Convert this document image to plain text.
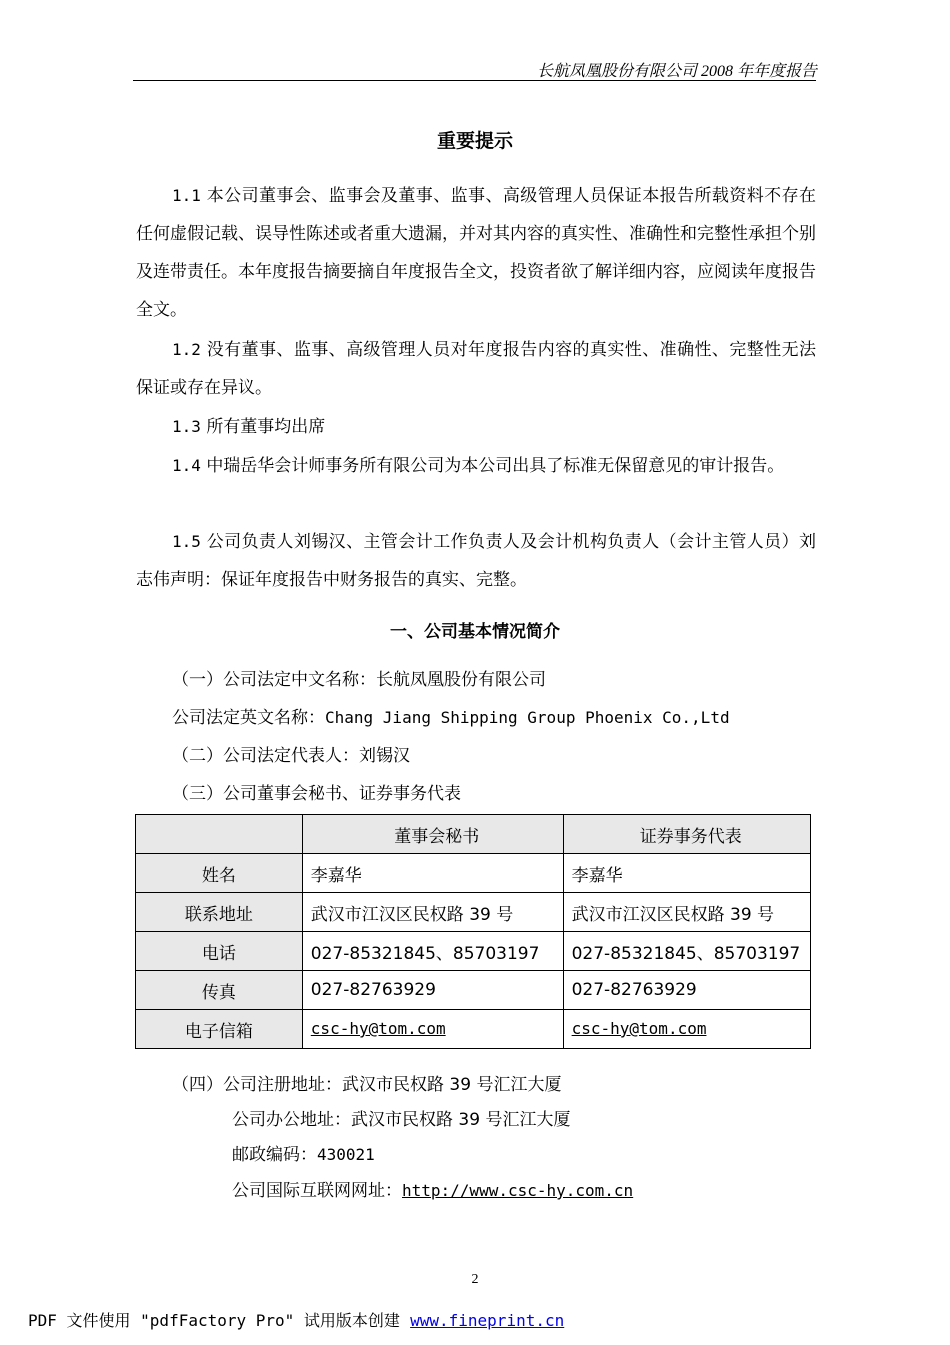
长航凤凰股份有限公司 2008 年年度报告
重要提示
1.1 本公司董事会、监事会及董事、监事、高级管理人员保证本报告所载资料不存在任何虚假记载、误导性陈述或者重大遗漏，并对其内容的真实性、准确性和完整性承担个别及连带责任。本年度报告摘要摘自年度报告全文，投资者欲了解详细内容，应阅读年度报告全文。
1.2 没有董事、监事、高级管理人员对年度报告内容的真实性、准确性、完整性无法保证或存在异议。
1.3 所有董事均出席
1.4 中瑞岳华会计师事务所有限公司为本公司出具了标准无保留意见的审计报告。
1.5 公司负责人刘锡汉、主管会计工作负责人及会计机构负责人（会计主管人员）刘志伟声明：保证年度报告中财务报告的真实、完整。
一、公司基本情况简介
（一）公司法定中文名称：长航凤凰股份有限公司
公司法定英文名称：Chang Jiang Shipping Group Phoenix Co.,Ltd
（二）公司法定代表人：刘锡汉
（三）公司董事会秘书、证券事务代表
	董事会秘书	证券事务代表
姓名	李嘉华	李嘉华
联系地址	武汉市江汉区民权路 39 号	武汉市江汉区民权路 39 号
电话	027-85321845、85703197	027-85321845、85703197
传真	027-82763929	027-82763929
电子信箱	csc-hy@tom.com	csc-hy@tom.com
（四）公司注册地址：武汉市民权路 39 号汇江大厦
公司办公地址：武汉市民权路 39 号汇江大厦
邮政编码：430021
公司国际互联网网址：http://www.csc-hy.com.cn
2
PDF 文件使用 "pdfFactory Pro" 试用版本创建 www.fineprint.cn
